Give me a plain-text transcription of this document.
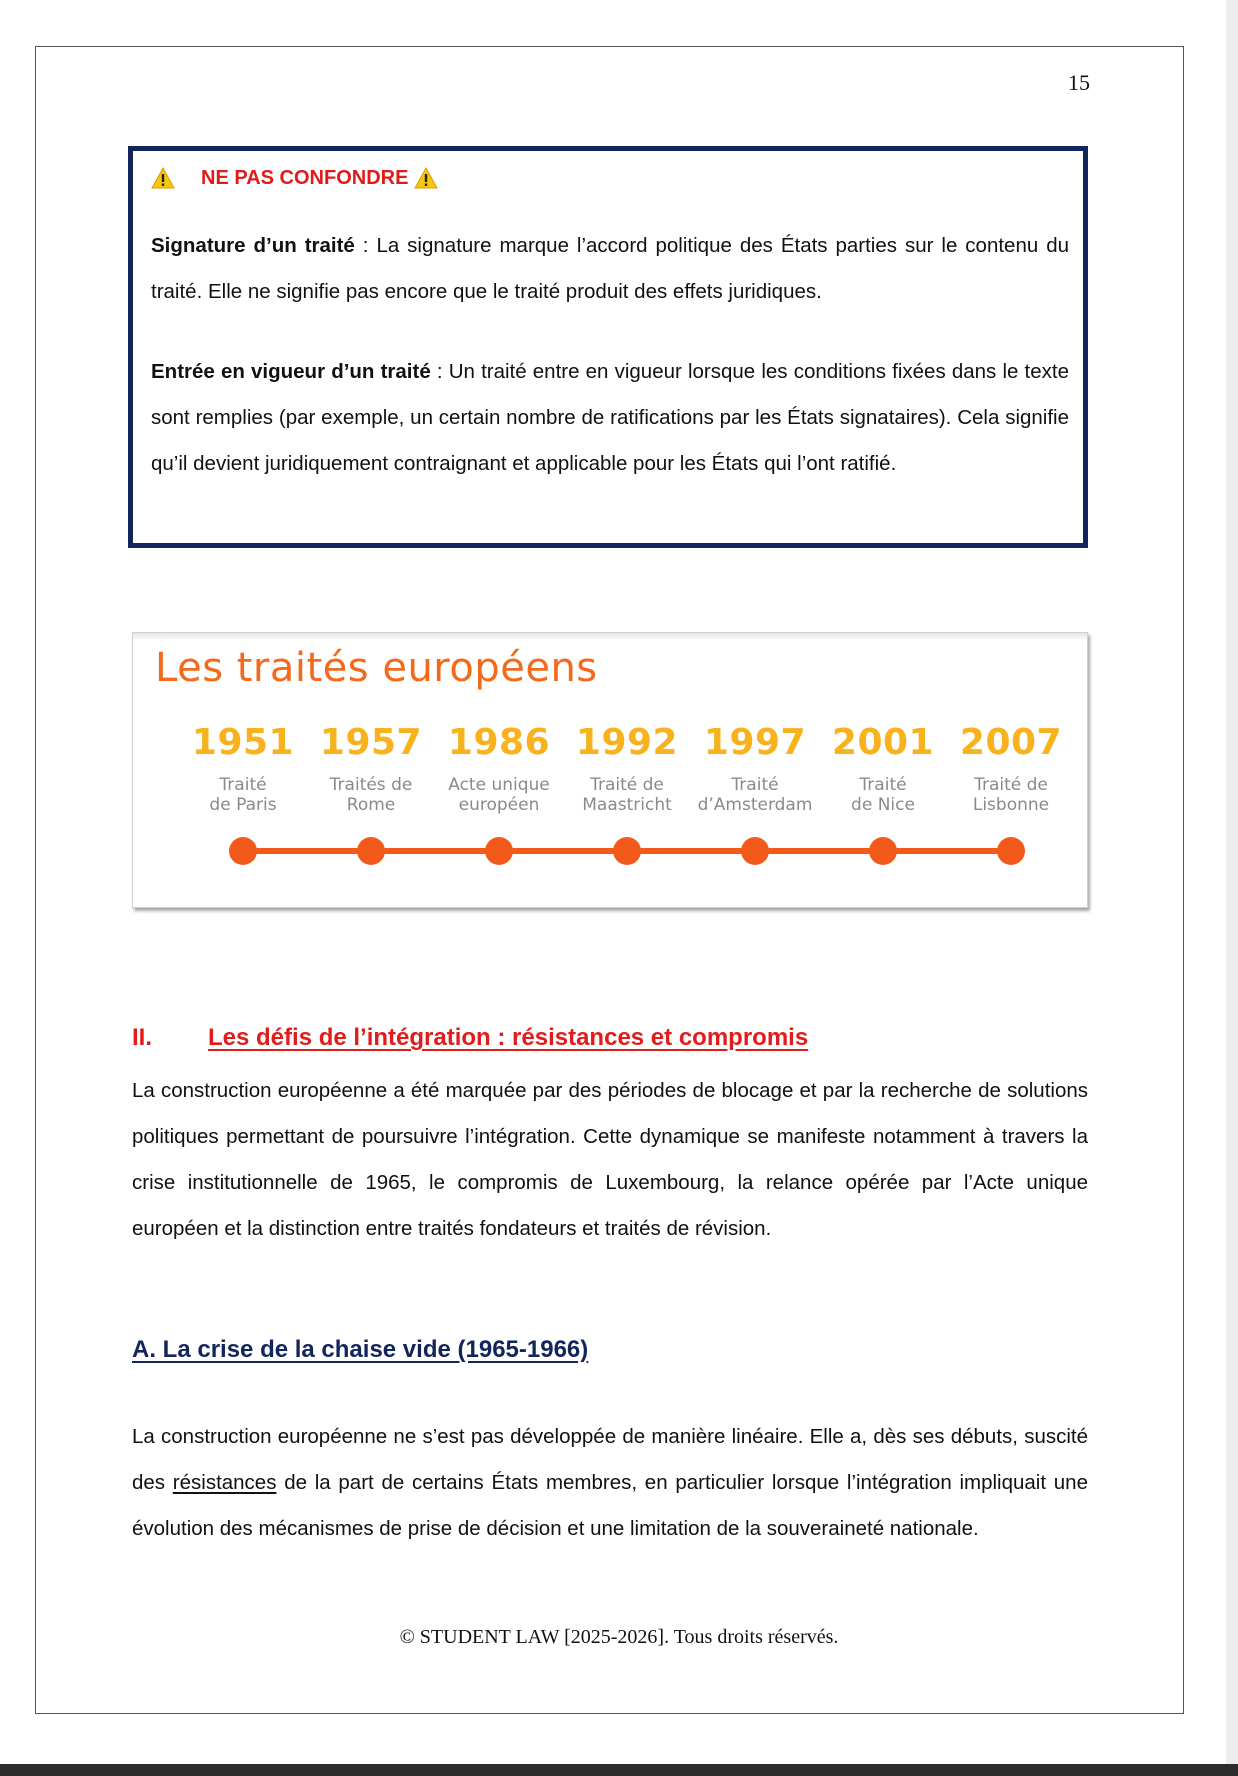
15
NE PAS CONFONDRE

Signature d’un traité : La signature marque l’accord politique des États parties sur le contenu du traité. Elle ne signifie pas encore que le traité produit des effets juridiques.

Entrée en vigueur d’un traité : Un traité entre en vigueur lorsque les conditions fixées dans le texte sont remplies (par exemple, un certain nombre de ratifications par les États signataires). Cela signifie qu’il devient juridiquement contraignant et applicable pour les États qui l’ont ratifié.

Les traités européens
1951
Traité
de Paris
1957
Traités de
Rome
1986
Acte unique
européen
1992
Traité de
Maastricht
1997
Traité
d’Amsterdam
2001
Traité
de Nice
2007
Traité de
Lisbonne
II.	Les défis de l’intégration : résistances et compromis

La construction européenne a été marquée par des périodes de blocage et par la recherche de solutions politiques permettant de poursuivre l’intégration. Cette dynamique se manifeste notamment à travers la crise institutionnelle de 1965, le compromis de Luxembourg, la relance opérée par l’Acte unique européen et la distinction entre traités fondateurs et traités de révision.

A. La crise de la chaise vide (1965-1966)

La construction européenne ne s’est pas développée de manière linéaire. Elle a, dès ses débuts, suscité des résistances de la part de certains États membres, en particulier lorsque l’intégration impliquait une évolution des mécanismes de prise de décision et une limitation de la souveraineté nationale.

© STUDENT LAW [2025-2026]. Tous droits réservés.
